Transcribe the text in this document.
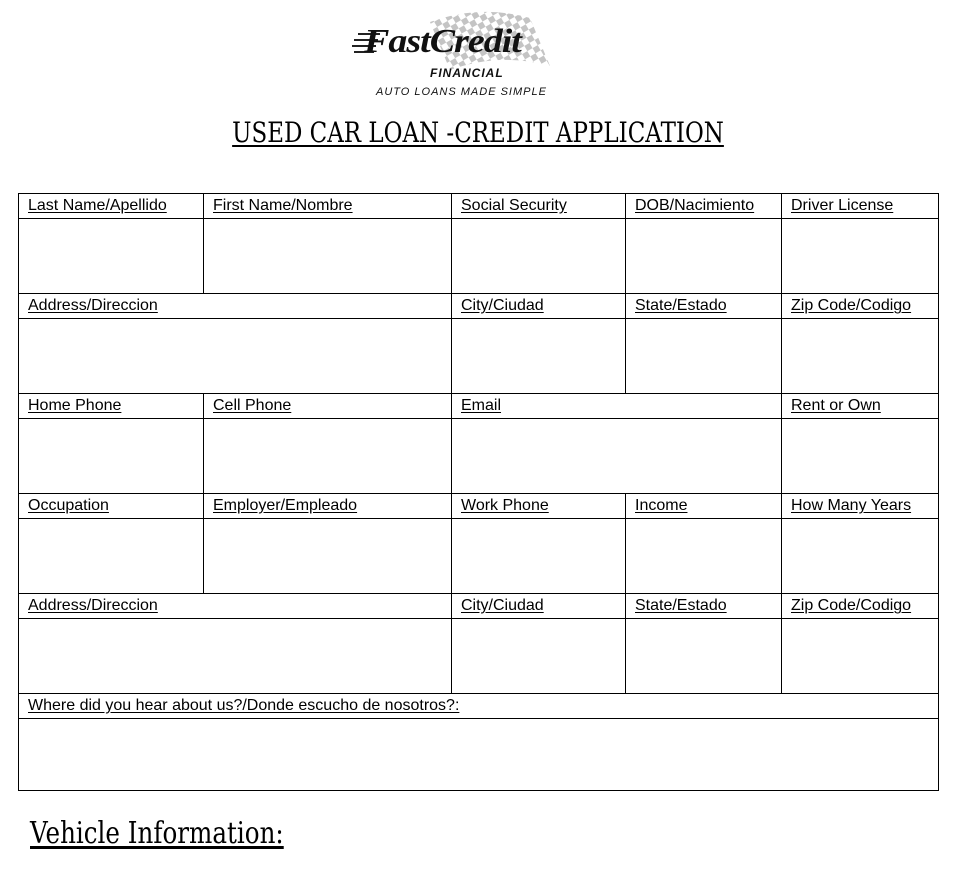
FastCredit
FINANCIAL
AUTO LOANS MADE SIMPLE
USED CAR LOAN -CREDIT APPLICATION
Last Name/Apellido	First Name/Nombre	Social Security	DOB/Nacimiento	Driver License

Address/Direccion		City/Ciudad	State/Estado	Zip Code/Codigo

Home Phone	Cell Phone	Email		Rent or Own

Occupation	Employer/Empleado	Work Phone	Income	How Many Years

Address/Direccion		City/Ciudad	State/Estado	Zip Code/Codigo

Where did you hear about us?/Donde escucho de nosotros?:				

Vehicle Information:
